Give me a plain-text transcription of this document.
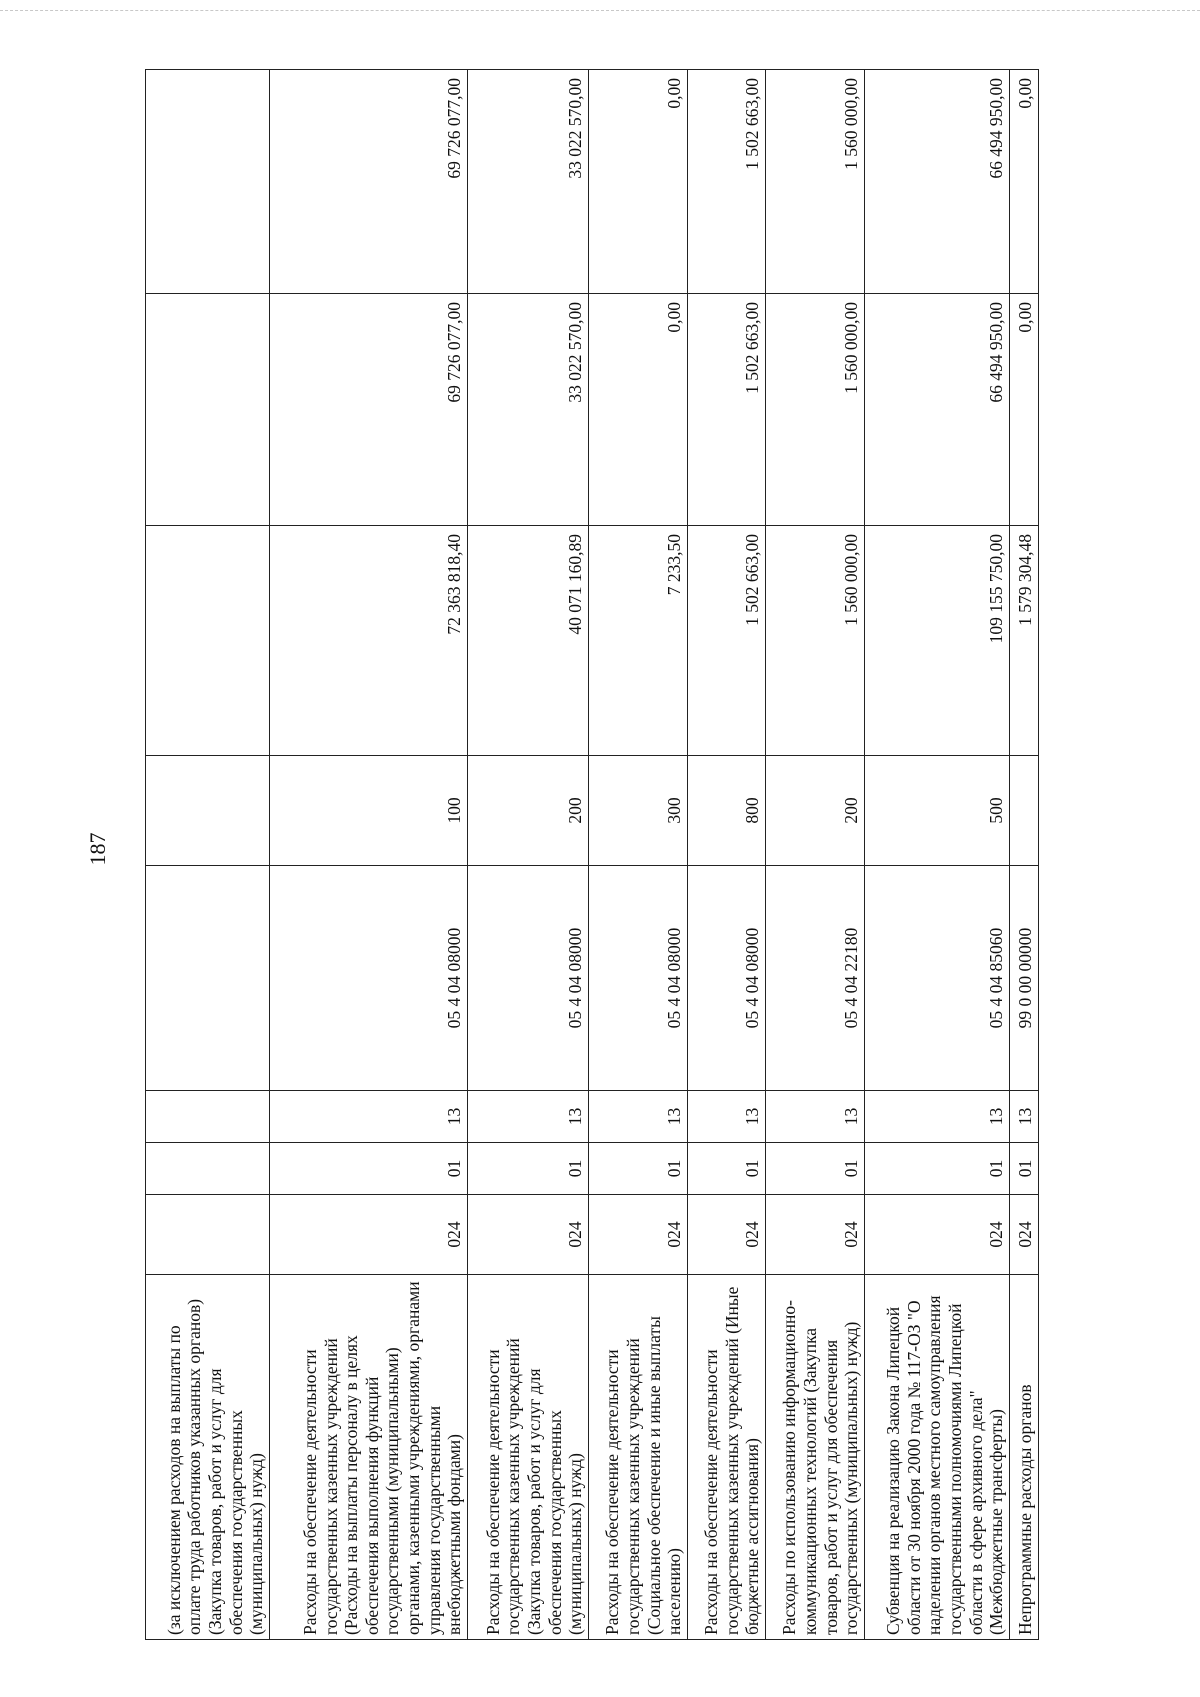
187
(за исключением расходов на выплаты по оплате труда работников указанных органов) (Закупка товаров, работ и услуг для обеспечения государственных (муниципальных) нужд)								
Расходы на обеспечение деятельности государственных казенных учреждений (Расходы на выплаты персоналу в целях обеспечения выполнения функций государственными (муниципальными) органами, казенными учреждениями, органами управления государственными внебюджетными фондами)	024	01	13	05 4 04 08000	100	72 363 818,40	69 726 077,00	69 726 077,00
Расходы на обеспечение деятельности государственных казенных учреждений (Закупка товаров, работ и услуг для обеспечения государственных (муниципальных) нужд)	024	01	13	05 4 04 08000	200	40 071 160,89	33 022 570,00	33 022 570,00
Расходы на обеспечение деятельности государственных казенных учреждений (Социальное обеспечение и иные выплаты населению)	024	01	13	05 4 04 08000	300	7 233,50	0,00	0,00
Расходы на обеспечение деятельности государственных казенных учреждений (Иные бюджетные ассигнования)	024	01	13	05 4 04 08000	800	1 502 663,00	1 502 663,00	1 502 663,00
Расходы по использованию информационно-коммуникационных технологий (Закупка товаров, работ и услуг для обеспечения государственных (муниципальных) нужд)	024	01	13	05 4 04 22180	200	1 560 000,00	1 560 000,00	1 560 000,00
Субвенция на реализацию Закона Липецкой области от 30 ноября 2000 года № 117-ОЗ "О наделении органов местного самоуправления государственными полномочиями Липецкой области в сфере архивного дела" (Межбюджетные трансферты)	024	01	13	05 4 04 85060	500	109 155 750,00	66 494 950,00	66 494 950,00
Непрограммные расходы органов	024	01	13	99 0 00 00000		1 579 304,48	0,00	0,00
